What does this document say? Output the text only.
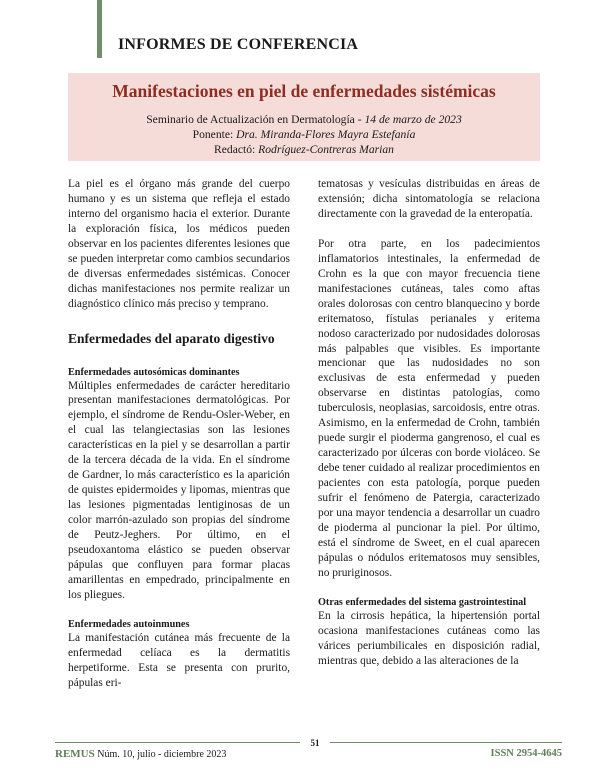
INFORMES DE CONFERENCIA
Manifestaciones en piel de enfermedades sistémicas
Seminario de Actualización en Dermatología - 14 de marzo de 2023
Ponente: Dra. Miranda-Flores Mayra Estefanía
Redactó: Rodríguez-Contreras Marian

La piel es el órgano más grande del cuerpo humano y es un sistema que refleja el estado interno del organismo hacia el exterior. Durante la exploración física, los médicos pueden observar en los pacientes diferentes lesiones que se pueden interpretar como cambios secundarios de diversas enfermedades sistémicas. Conocer dichas manifestaciones nos permite realizar un diagnóstico clínico más preciso y temprano.

Enfermedades del aparato digestivo
Enfermedades autosómicas dominantes

Múltiples enfermedades de carácter hereditario presentan manifestaciones dermatológicas. Por ejemplo, el síndrome de Rendu-Osler-Weber, en el cual las telangiectasias son las lesiones características en la piel y se desarrollan a partir de la tercera década de la vida. En el síndrome de Gardner, lo más característico es la aparición de quistes epidermoides y lipomas, mientras que las lesiones pigmentadas lentiginosas de un color marrón-azulado son propias del síndrome de Peutz-Jeghers. Por último, en el pseudoxantoma elástico se pueden observar pápulas que confluyen para formar placas amarillentas en empedrado, principalmente en los pliegues.

Enfermedades autoinmunes

La manifestación cutánea más frecuente de la enfermedad celíaca es la dermatitis herpetiforme. Esta se presenta con prurito, pápulas eri-

tematosas y vesículas distribuidas en áreas de extensión; dicha sintomatología se relaciona directamente con la gravedad de la enteropatía.

Por otra parte, en los padecimientos inflamatorios intestinales, la enfermedad de Crohn es la que con mayor frecuencia tiene manifestaciones cutáneas, tales como aftas orales dolorosas con centro blanquecino y borde eritematoso, fístulas perianales y eritema nodoso caracterizado por nudosidades dolorosas más palpables que visibles. Es importante mencionar que las nudosidades no son exclusivas de esta enfermedad y pueden observarse en distintas patologías, como tuberculosis, neoplasias, sarcoidosis, entre otras. Asimismo, en la enfermedad de Crohn, también puede surgir el pioderma gangrenoso, el cual es caracterizado por úlceras con borde violáceo. Se debe tener cuidado al realizar procedimientos en pacientes con esta patología, porque pueden sufrir el fenómeno de Patergia, caracterizado por una mayor tendencia a desarrollar un cuadro de pioderma al puncionar la piel. Por último, está el síndrome de Sweet, en el cual aparecen pápulas o nódulos eritematosos muy sensibles, no pruriginosos.

Otras enfermedades del sistema gastrointestinal

En la cirrosis hepática, la hipertensión portal ocasiona manifestaciones cutáneas como las várices periumbilicales en disposición radial, mientras que, debido a las alteraciones de la

51
REMUS Núm. 10, julio - diciembre 2023	ISSN 2954-4645
